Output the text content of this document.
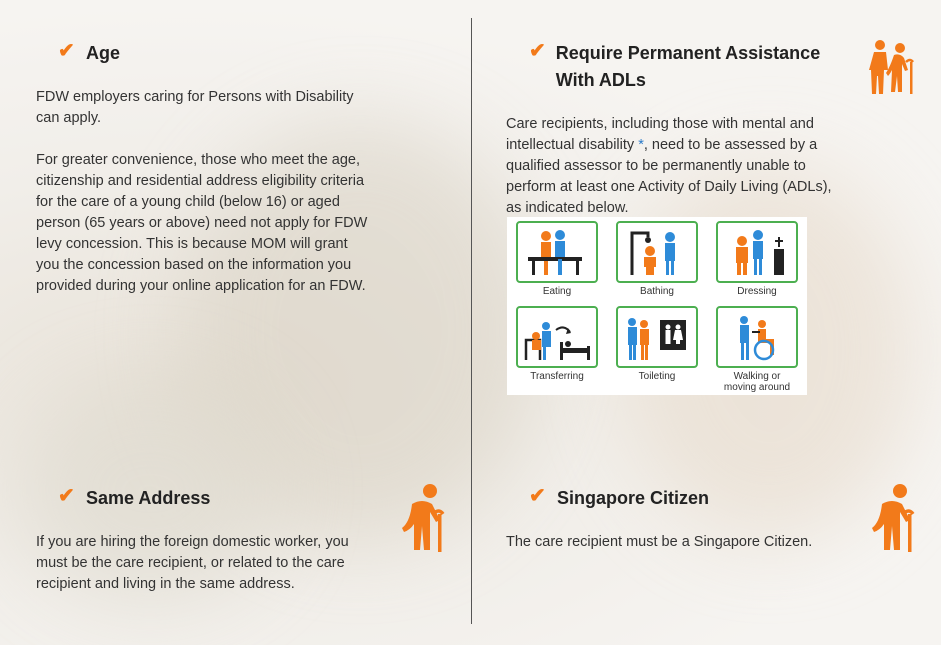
✔ Age
FDW employers caring for Persons with Disability can apply.

For greater convenience, those who meet the age, citizenship and residential address eligibility criteria for the care of a young child (below 16) or aged person (65 years or above) need not apply for FDW levy concession. This is because MOM will grant you the concession based on the information you provided during your online application for an FDW.
✔ Require Permanent Assistance With ADLs
Care recipients, including those with mental and intellectual disability *, need to be assessed by a qualified assessor to be permanently unable to perform at least one Activity of Daily Living (ADLs), as indicated below.
Eating	Bathing	Dressing
Transferring	Toileting	Walking or moving around
✔ Same Address
If you are hiring the foreign domestic worker, you must be the care recipient, or related to the care recipient and living in the same address.
✔ Singapore Citizen
The care recipient must be a Singapore Citizen.
